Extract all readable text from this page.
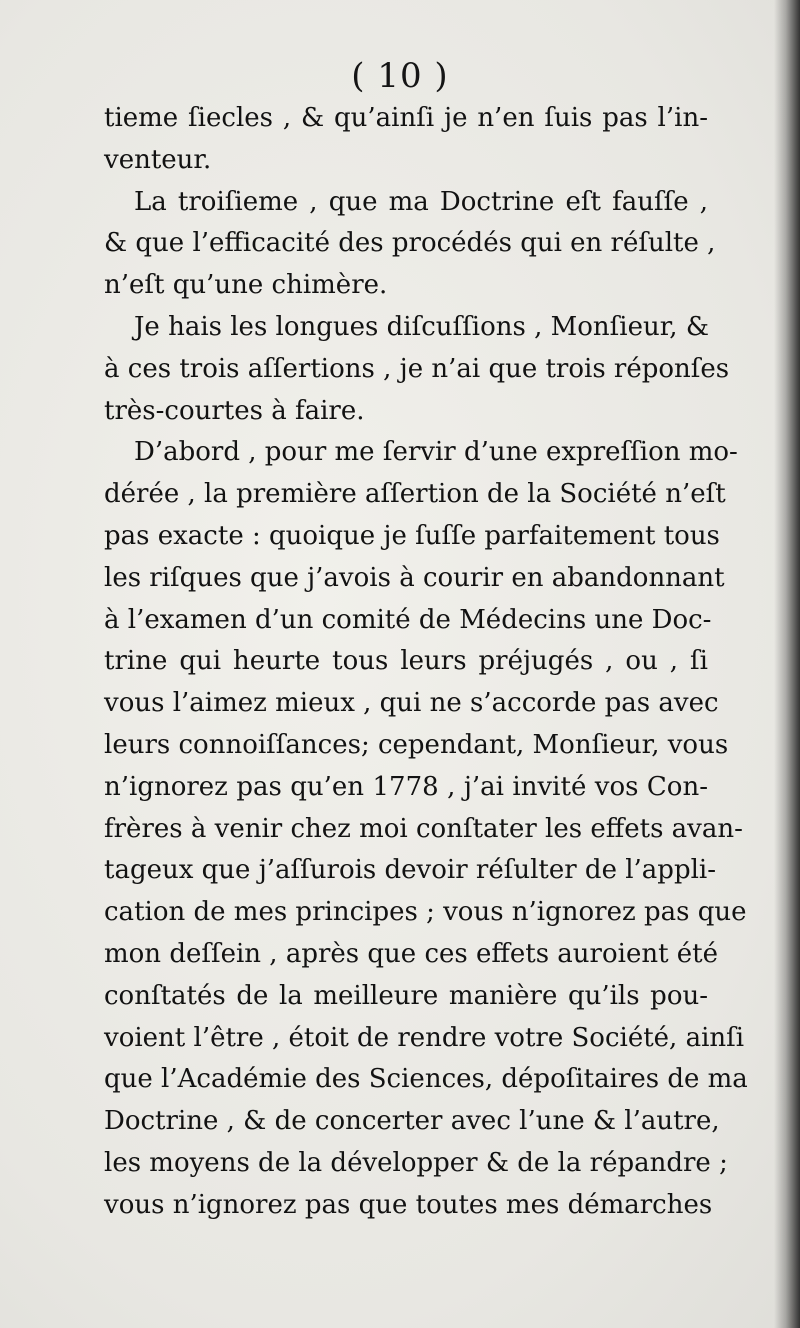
( 10 )
tieme ſiecles , & qu’ainſi je n’en ſuis pas l’in-
venteur.
La troiſieme , que ma Doctrine eſt fauſſe ,
& que l’efficacité des procédés qui en réſulte ,
n’eſt qu’une chimère.
Je hais les longues diſcuſſions , Monſieur, &
à ces trois aſſertions , je n’ai que trois réponſes
très-courtes à faire.
D’abord , pour me ſervir d’une expreſſion mo-
dérée , la première aſſertion de la Société n’eſt
pas exacte : quoique je ſuſſe parfaitement tous
les riſques que j’avois à courir en abandonnant
à l’examen d’un comité de Médecins une Doc-
trine qui heurte tous leurs préjugés , ou , ſi
vous l’aimez mieux , qui ne s’accorde pas avec
leurs connoiſſances; cependant, Monſieur, vous
n’ignorez pas qu’en 1778 , j’ai invité vos Con-
frères à venir chez moi conſtater les effets avan-
tageux que j’aſſurois devoir réſulter de l’appli-
cation de mes principes ; vous n’ignorez pas que
mon deſſein , après que ces effets auroient été
conſtatés de la meilleure manière qu’ils pou-
voient l’être , étoit de rendre votre Société, ainſi
que l’Académie des Sciences, dépoſitaires de ma
Doctrine , & de concerter avec l’une & l’autre,
les moyens de la développer & de la répandre ;
vous n’ignorez pas que toutes mes démarches
